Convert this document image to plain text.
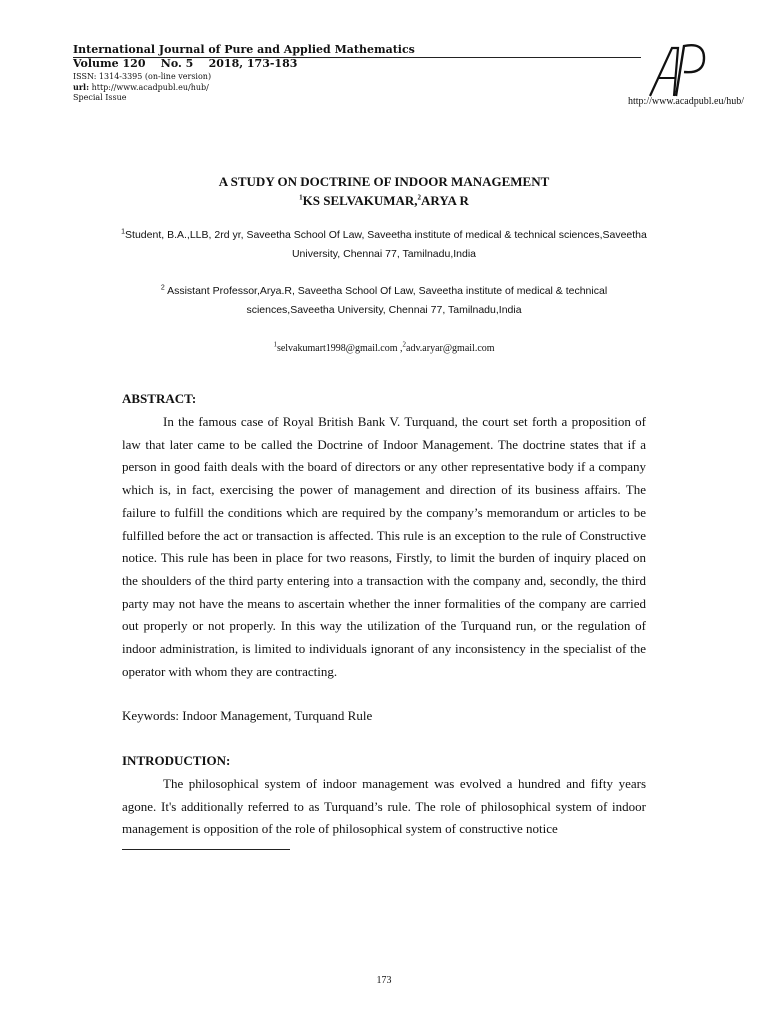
International Journal of Pure and Applied Mathematics
Volume 120    No. 5    2018, 173-183
ISSN: 1314-3395 (on-line version)
url: http://www.acadpubl.eu/hub/
Special Issue	http://www.acadpubl.eu/hub/
A STUDY ON DOCTRINE OF INDOOR MANAGEMENT
$^1$KS SELVAKUMAR,$^2$ARYA R
$^1$Student, B.A.,LLB, 2rd yr, Saveetha School Of Law, Saveetha institute of medical & technical sciences,Saveetha University, Chennai 77, Tamilnadu,India
$^2$ Assistant Professor,Arya.R, Saveetha School Of Law, Saveetha institute of medical & technical sciences,Saveetha University, Chennai 77, Tamilnadu,India
$^1$selvakumart1998@gmail.com ,$^2$adv.aryar@gmail.com
ABSTRACT:

In the famous case of Royal British Bank V. Turquand, the court set forth a proposition of law that later came to be called the Doctrine of Indoor Management. The doctrine states that if a person in good faith deals with the board of directors or any other representative body if a company which is, in fact, exercising the power of management and direction of its business affairs. The failure to fulfill the conditions which are required by the company’s memorandum or articles to be fulfilled before the act or transaction is affected. This rule is an exception to the rule of Constructive notice. This rule has been in place for two reasons, Firstly, to limit the burden of inquiry placed on the shoulders of the third party entering into a transaction with the company and, secondly, the third party may not have the means to ascertain whether the inner formalities of the company are carried out properly or not properly. In this way the utilization of the Turquand run, or the regulation of indoor administration, is limited to individuals ignorant of any inconsistency in the specialist of the operator with whom they are contracting.

Keywords: Indoor Management, Turquand Rule
INTRODUCTION:

The philosophical system of indoor management was evolved a hundred and fifty years agone. It's additionally referred to as Turquand’s rule. The role of philosophical system of indoor management is opposition of the role of philosophical system of constructive notice

173
